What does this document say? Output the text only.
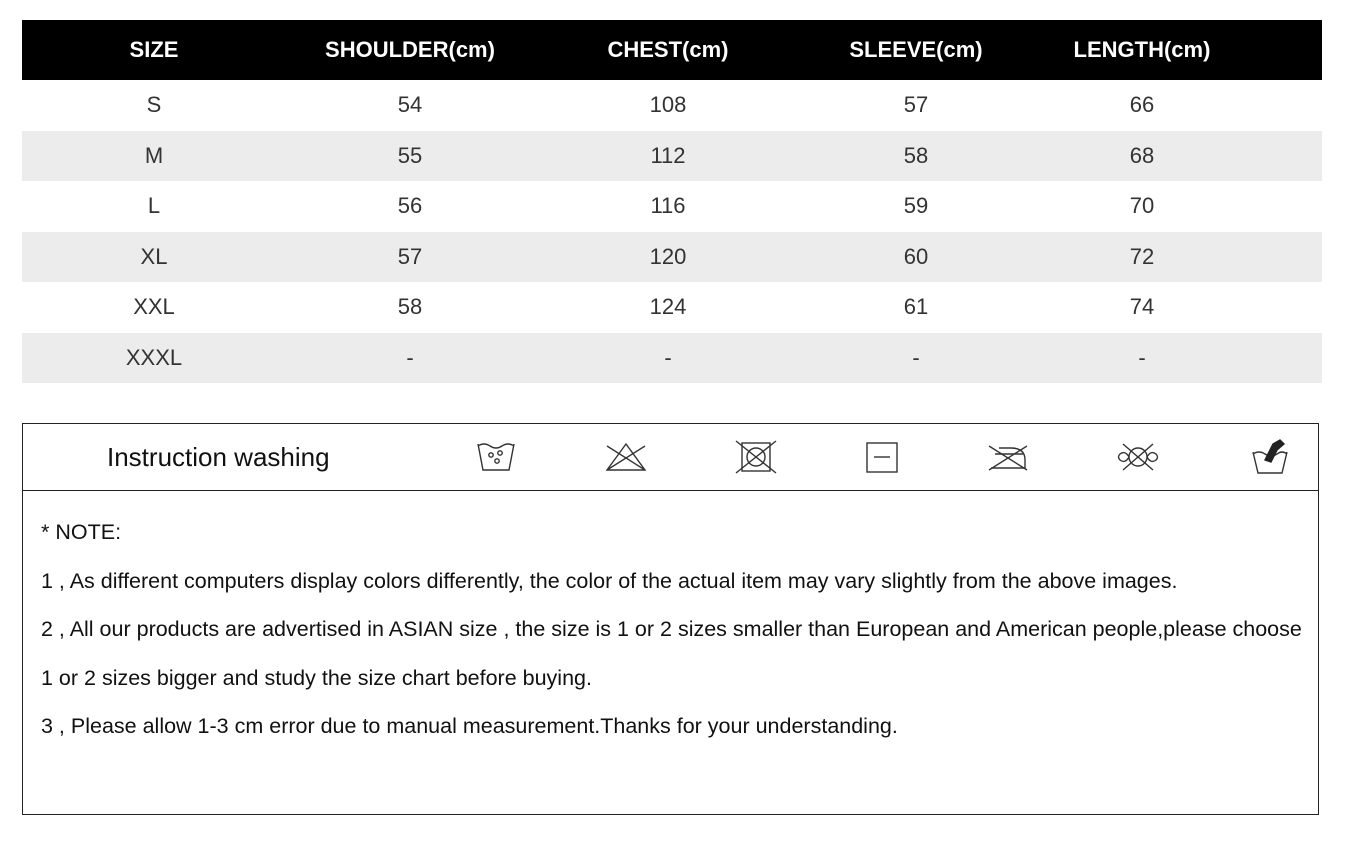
SIZE	SHOULDER(cm)	CHEST(cm)	SLEEVE(cm)	LENGTH(cm)
S	54	108	57	66
M	55	112	58	68
L	56	116	59	70
XL	57	120	60	72
XXL	58	124	61	74
XXXL	-	-	-	-
Instruction washing

* NOTE:

1 , As different computers display colors differently, the color of the actual item may vary slightly from the above images.

2 , All our products are advertised in ASIAN size , the size is 1 or 2 sizes smaller than European and American people,please choose 1 or 2 sizes bigger and study the size chart before buying.

3 , Please allow 1-3 cm error due to manual measurement.Thanks for your understanding.
